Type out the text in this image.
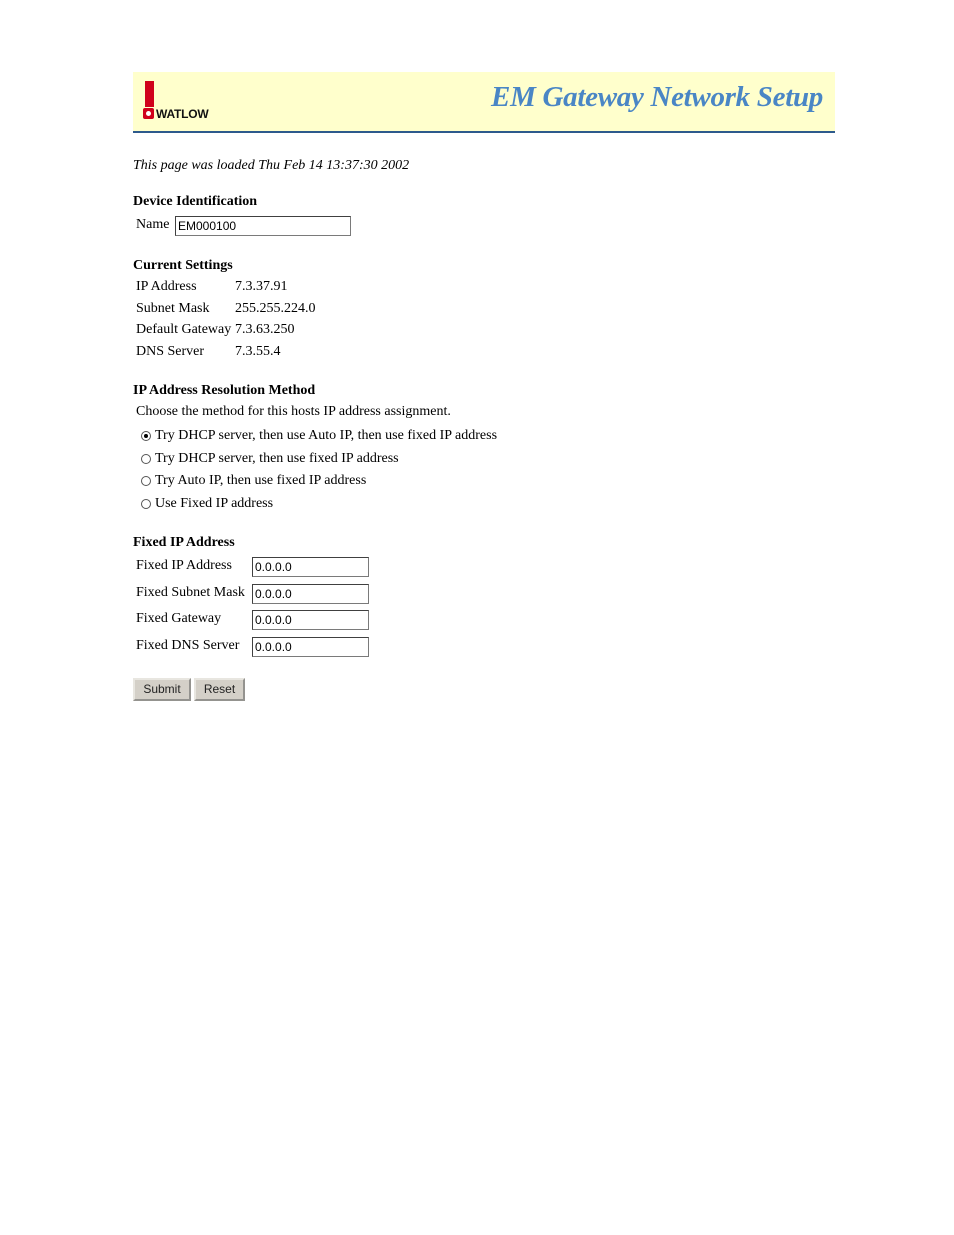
WATLOW
EM Gateway Network Setup
This page was loaded Thu Feb 14 13:37:30 2002
Device Identification
Name
EM000100
Current Settings
IP Address	7.3.37.91
Subnet Mask 255.255.224.0
Default Gateway 7.3.63.250
DNS Server 7.3.55.4
IP Address Resolution Method
Choose the method for this hosts IP address assignment.
Try DHCP server, then use Auto IP, then use fixed IP address
Try DHCP server, then use fixed IP address
Try Auto IP, then use fixed IP address
Use Fixed IP address
Fixed IP Address
Fixed IP Address
0.0.0.0
Fixed Subnet Mask
0.0.0.0
Fixed Gateway
0.0.0.0
Fixed DNS Server
0.0.0.0
Submit	Reset
